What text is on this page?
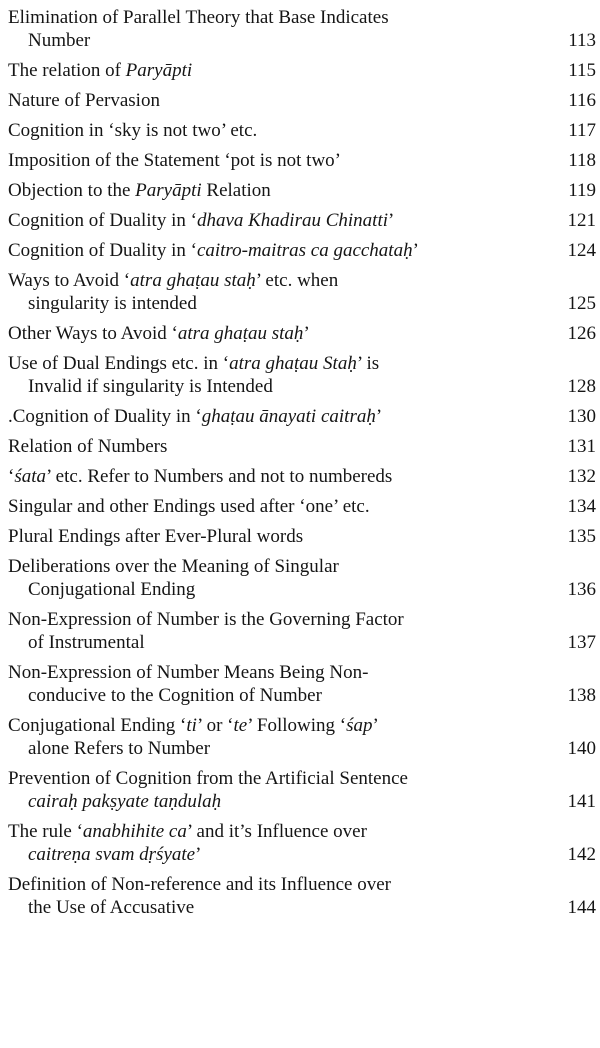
Elimination of Parallel Theory that Base Indicates
Number	113
The relation of Paryāpti	115
Nature of Pervasion	116
Cognition in ‘sky is not two’ etc.	117
Imposition of the Statement ‘pot is not two’	118
Objection to the Paryāpti Relation	119
Cognition of Duality in ‘dhava Khadirau Chinatti’	121
Cognition of Duality in ‘caitro-maitras ca gacchataḥ’	124
Ways to Avoid ‘atra ghaṭau staḥ’ etc. when
singularity is intended	125
Other Ways to Avoid ‘atra ghaṭau staḥ’	126
Use of Dual Endings etc. in ‘atra ghaṭau Staḥ’ is
Invalid if singularity is Intended	128
.Cognition of Duality in ‘ghaṭau ānayati caitraḥ’	130
Relation of Numbers	131
‘śata’ etc. Refer to Numbers and not to numbereds	132
Singular and other Endings used after ‘one’ etc.	134
Plural Endings after Ever-Plural words	135
Deliberations over the Meaning of Singular
Conjugational Ending	136
Non-Expression of Number is the Governing Factor
of Instrumental	137
Non-Expression of Number Means Being Non-
conducive to the Cognition of Number	138
Conjugational Ending ‘ti’ or ‘te’ Following ‘śap’
alone Refers to Number	140
Prevention of Cognition from the Artificial Sentence
cairaḥ pakṣyate taṇdulaḥ	141
The rule ‘anabhihite ca’ and it’s Influence over
caitreṇa svam dṛśyate’	142
Definition of Non-reference and its Influence over
the Use of Accusative	144
